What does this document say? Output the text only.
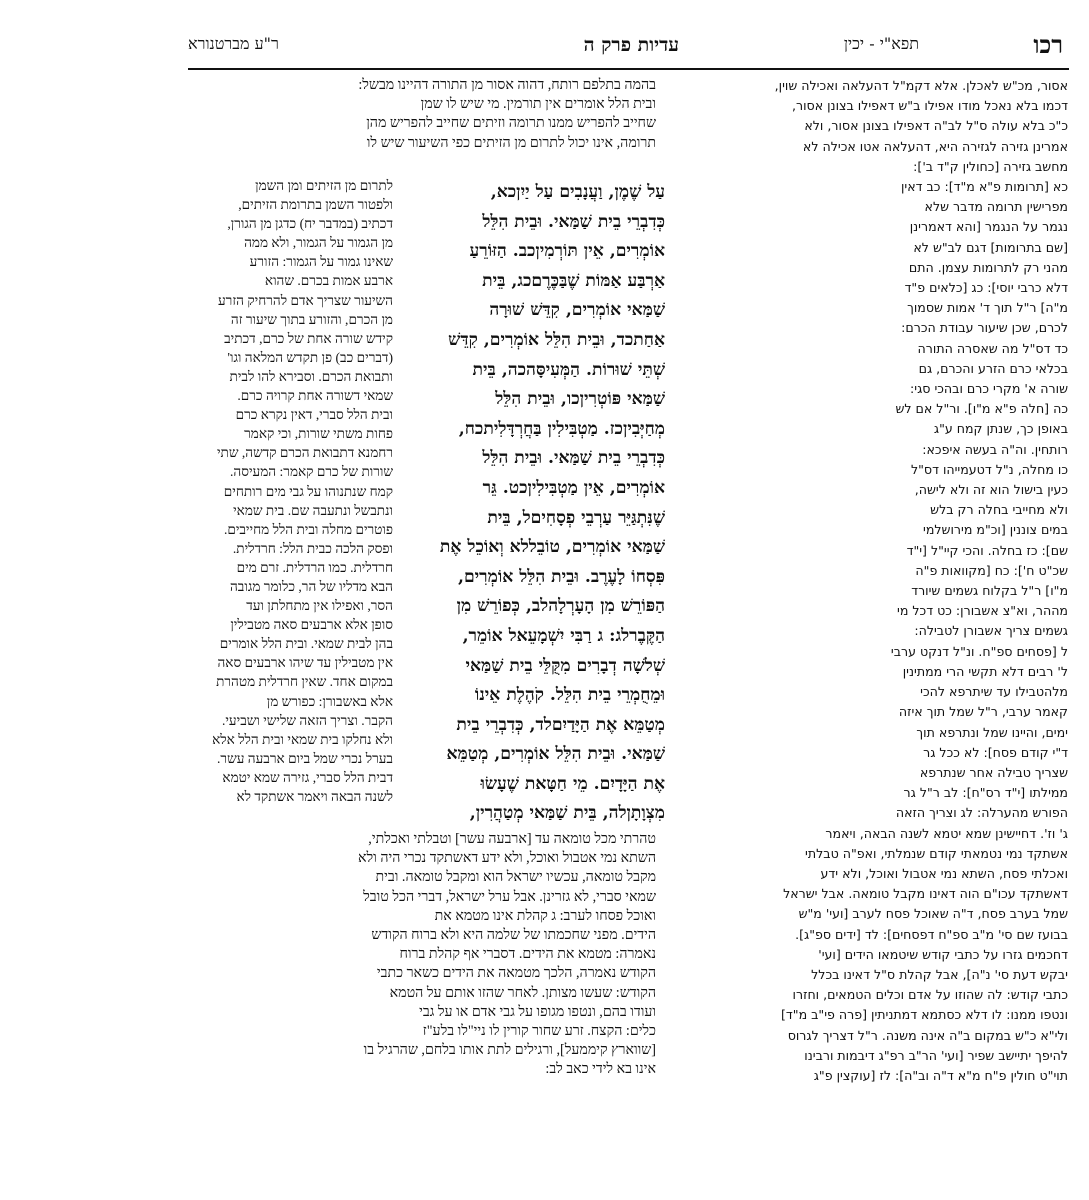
רכו
תפא"י - יכין
עדיות פרק ה
ר"ע מברטנורא
אסור, מכ"ש לאכלן. אלא דקמ"ל דהעלאה ואכילה שוין,
דכמו בלא נאכל מודו אפילו ב"ש דאפילו בצונן אסור,
כ"כ בלא עולה ס"ל לב"ה דאפילו בצונן אסור, ולא
אמרינן גזירה לגזירה היא, דהעלאה אטו אכילה לא
מחשב גזירה [כחולין ק"ד ב']:
כא [תרומות פ"א מ"ד]: כב דאין
מפרישין תרומה מדבר שלא
נגמר על הנגמר [והא דאמרינן
[שם בתרומות] דגם לב"ש לא
מהני רק לתרומות עצמן. התם
דלא כרבי יוסי]: כג [כלאים פ"ד
מ"ה] ר"ל תוך ד' אמות שסמוך
לכרם, שכן שיעור עבודת הכרם:
כד דס"ל מה שאסרה התורה
בכלאי כרם הזרע והכרם, גם
שורה א' מקרי כרם ובהכי סגי:
כה [חלה פ"א מ"ו]. ור"ל אם לש
באופן כך, שנתן קמח ע"ג
רותחין. וה"ה בעשה איפכא:
כו מחלה, נ"ל דטעמייהו דס"ל
כעין בישול הוא זה ולא לישה,
ולא מחייבי בחלה רק בלש
במים צוננין [וכ"מ מירושלמי
שם]: כז בחלה. והכי קיי"ל [י"ד
שכ"ט ח']: כח [מקוואות פ"ה
מ"ו] ר"ל בקלוח גשמים שיורד
מההר, וא"צ אשבורן: כט דכל מי
גשמים צריך אשבורן לטבילה:
ל [פסחים ספ"ח. ונ"ל דנקט ערבי
ל' רבים דלא תקשי הרי ממתינין
מלהטבילו עד שיתרפא להכי
קאמר ערבי, ר"ל שמל תוך איזה
ימים, והיינו שמל ונתרפא תוך
ד"י קודם פסח]: לא ככל גר
שצריך טבילה אחר שנתרפא
ממילתו [י"ד רס"ח]: לב ר"ל גר
הפורש מהערלה: לג וצריך הזאה
ג' וז'. דחיישינן שמא יטמא לשנה הבאה, ויאמר
אשתקד נמי נטמאתי קודם שנמלתי, ואפ"ה טבלתי
ואכלתי פסח, השתא נמי אטבול ואוכל, ולא ידע
דאשתקד עכו"ם הוה דאינו מקבל טומאה. אבל ישראל
שמל בערב פסח, ד"ה שאוכל פסח לערב [ועי' מ"ש
בבועז שם סי' מ"ב ספ"ח דפסחים]: לד [ידים ספ"ג].
דחכמים גזרו על כתבי קודש שיטמאו הידים [ועי'
יבקש דעת סי' נ"ה], אבל קהלת ס"ל דאינו בכלל
כתבי קודש: לה שהוזו על אדם וכלים הטמאים, וחזרו
ונטפו ממנו: לו דלא כסתמא דמתניתין [פרה פי"ב מ"ד]
ולי"א כ"ש במקום ב"ה אינה משנה. ר"ל דצריך לגרוס
להיפך יתיישב שפיר [ועי' הר"ב רפ"ג דיבמות ורבינו
תוי"ט חולין פ"ח מ"א ד"ה וב"ה]: לז [עוקצין פ"ג
עַל שֶׁמֶן, וַעֲנָבִים עַל יַיִןכא,
כְּדִבְרֵי בֵית שַׁמַּאי. וּבֵית הִלֵּל
אוֹמְרִים, אֵין תּוֹרְמִיןכב. הַזּוֹרֵעַ
אַרְבַּע אַמּוֹת שֶׁבַּכֶּרֶםכג, בֵּית
שַׁמַּאי אוֹמְרִים, קִדֵּשׁ שׁוּרָה
אַחַתכד, וּבֵית הִלֵּל אוֹמְרִים, קִדֵּשׁ
שְׁתֵּי שׁוּרוֹת. הַמְּעִיסָּהכה, בֵּית
שַׁמַּאי פּוֹטְרִיןכו, וּבֵית הִלֵּל
מְחַיְּבִיןכז. מַטְבִּילִין בַּחֲרְדָּלִיתכח,
כְּדִבְרֵי בֵית שַׁמַּאי. וּבֵית הִלֵּל
אוֹמְרִים, אֵין מַטְבִּילִיןכט. גֵּר
שֶׁנִּתְגַּיֵּר עַרְבֵי פְסָחִיםל, בֵּית
שַׁמַּאי אוֹמְרִים, טוֹבֵללא וְאוֹכֵל אֶת
פִּסְחוֹ לָעֶרֶב. וּבֵית הִלֵּל אוֹמְרִים,
הַפּוֹרֵשׁ מִן הָעָרְלָהלב, כְּפוֹרֵשׁ מִן
הַקֶּבֶרלג: ג רַבִּי יִשְׁמָעֵאל אוֹמֵר,
שְׁלשָׁה דְבָרִים מִקֻּלֵּי בֵית שַׁמַּאי
וּמֵחֻמְרֵי בֵית הִלֵּל. קֹהֶלֶת אֵינוֹ
מְטַמֵּא אֶת הַיָּדַיִםלד, כְּדִבְרֵי בֵית
שַׁמַּאי. וּבֵית הִלֵּל אוֹמְרִים, מְטַמֵּא
אֶת הַיָּדָיִם. מֵי חַטָּאת שֶׁעָשׂוּ
מִצְוָתָןלה, בֵּית שַׁמַּאי מְטַהֲרִין,
בהמה בתלפם רותח, דהוה אסור מן התורה דהיינו מבשל:
ובית הלל אומרים אין תורמין. מי שיש לו שמן
שחייב להפריש ממנו תרומה וזיתים שחייב להפריש מהן
תרומה, אינו יכול לתרום מן הזיתים כפי השיעור שיש לו
לתרום מן הזיתים ומן השמן
ולפטור השמן בתרומת הזיתים,
דכתיב (במדבר יח) כדגן מן הגורן,
מן הגמור על הגמור, ולא ממה
שאינו גמור על הגמור: הזורע
ארבע אמות בכרם. שהוא
השיעור שצריך אדם להרחיק הזרע
מן הכרם, והזורע בתוך שיעור זה
קידש שורה אחת של כרם, דכתיב
(דברים כב) פן תקדש המלאה וגו'
ותבואת הכרם. וסבירא להו לבית
שמאי דשורה אחת קרויה כרם.
ובית הלל סברי, דאין נקרא כרם
פחות משתי שורות, וכי קאמר
רחמנא דתבואת הכרם קדשה, שתי
שורות של כרם קאמר: המעיסה.
קמח שנתנוהו על גבי מים רותחים
ונתבשל ונתעבה שם. בית שמאי
פוטרים מחלה ובית הלל מחייבים.
ופסק הלכה כבית הלל: חרדלית.
חרדלית. כמו הרדלית. זרם מים
הבא מדליו של הר, כלומר מגובה
הסר, ואפילו אין מתחלתן ועד
סופן אלא ארבעים סאה מטבילין
בהן לבית שמאי. ובית הלל אומרים
אין מטבילין עד שיהו ארבעים סאה
במקום אחד. שאין חרדלית מטהרת
אלא באשבורן: כפורש מן
הקבר. וצריך הזאה שלישי ושביעי.
ולא נחלקו בית שמאי ובית הלל אלא
בערל נכרי שמל ביום ארבעה עשר.
דבית הלל סברי, גזירה שמא יטמא
לשנה הבאה ויאמר אשתקד לא
טהרתי מכל טומאה עד [ארבעה עשר] וטבלתי ואכלתי,
השתא נמי אטבול ואוכל, ולא ידע דאשתקד נכרי היה ולא
מקבל טומאה, עכשיו ישראל הוא ומקבל טומאה. ובית
שמאי סברי, לא גזרינן. אבל ערל ישראל, דברי הכל טובל
ואוכל פסחו לערב: ג קהלת אינו מטמא את
הידים. מפני שחכמתו של שלמה היא ולא ברוח הקודש
נאמרה: מטמא את הידים. דסברי אף קהלת ברוח
הקודש נאמרה, הלכך מטמאה את הידים כשאר כתבי
הקודש: שעשו מצותן. לאחר שהזו אותם על הטמא
ועודו בהם, ונטפו מגופו על גבי אדם או על גבי
כלים: הקצח. זרע שחור קורין לו ניי"לו בלע"ז
[שווארץ קיממעל], ורגילים לתת אותו בלחם, שהרגיל בו
אינו בא לידי כאב לב:
